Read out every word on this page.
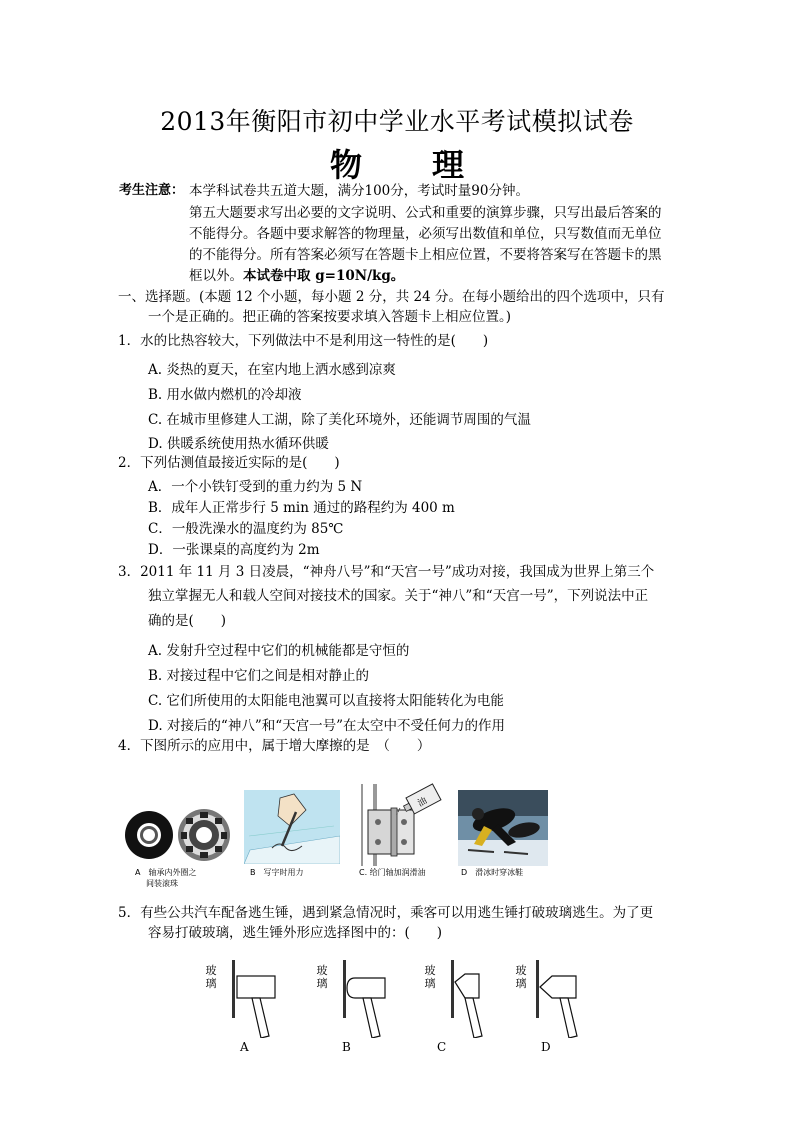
2013年衡阳市初中学业水平考试模拟试卷
物 理
考生注意： 本学科试卷共五道大题，满分100分，考试时量90分钟。
第五大题要求写出必要的文字说明、公式和重要的演算步骤，只写出最后答案的
不能得分。各题中要求解答的物理量，必须写出数值和单位，只写数值而无单位
的不能得分。所有答案必须写在答题卡上相应位置，不要将答案写在答题卡的黑
框以外。本试卷中取 g=10N/kg。
一、选择题。(本题 12 个小题，每小题 2 分，共 24 分。在每小题给出的四个选项中，只有
一个是正确的。把正确的答案按要求填入答题卡上相应位置。)
1．水的比热容较大，下列做法中不是利用这一特性的是(　　)
A. 炎热的夏天，在室内地上洒水感到凉爽
B. 用水做内燃机的冷却液
C. 在城市里修建人工湖，除了美化环境外，还能调节周围的气温
D. 供暖系统使用热水循环供暖
2．下列估测值最接近实际的是(　　)
A．一个小铁钉受到的重力约为 5 N
B．成年人正常步行 5 min 通过的路程约为 400 m
C．一般洗澡水的温度约为 85℃
D．一张课桌的高度约为 2m
3．2011 年 11 月 3 日凌晨，“神舟八号”和“天宫一号”成功对接，我国成为世界上第三个
独立掌握无人和载人空间对接技术的国家。关于“神八”和“天宫一号”，下列说法中正
确的是(　　)
A. 发射升空过程中它们的机械能都是守恒的
B. 对接过程中它们之间是相对静止的
C. 它们所使用的太阳能电池翼可以直接将太阳能转化为电能
D. 对接后的“神八”和“天宫一号”在太空中不受任何力的作用
4．下图所示的应用中，属于增大摩擦的是　（　　）
A　轴承内外圈之
间装滚珠
B　写字时用力
油
C. 给门轴加润滑油	D　滑冰时穿冰鞋
5．有些公共汽车配备逃生锤，遇到紧急情况时，乘客可以用逃生锤打破玻璃逃生。为了更
容易打破玻璃，逃生锤外形应选择图中的：(　　)
玻
璃
A
玻
璃
B
玻
璃
C
玻
璃
D
